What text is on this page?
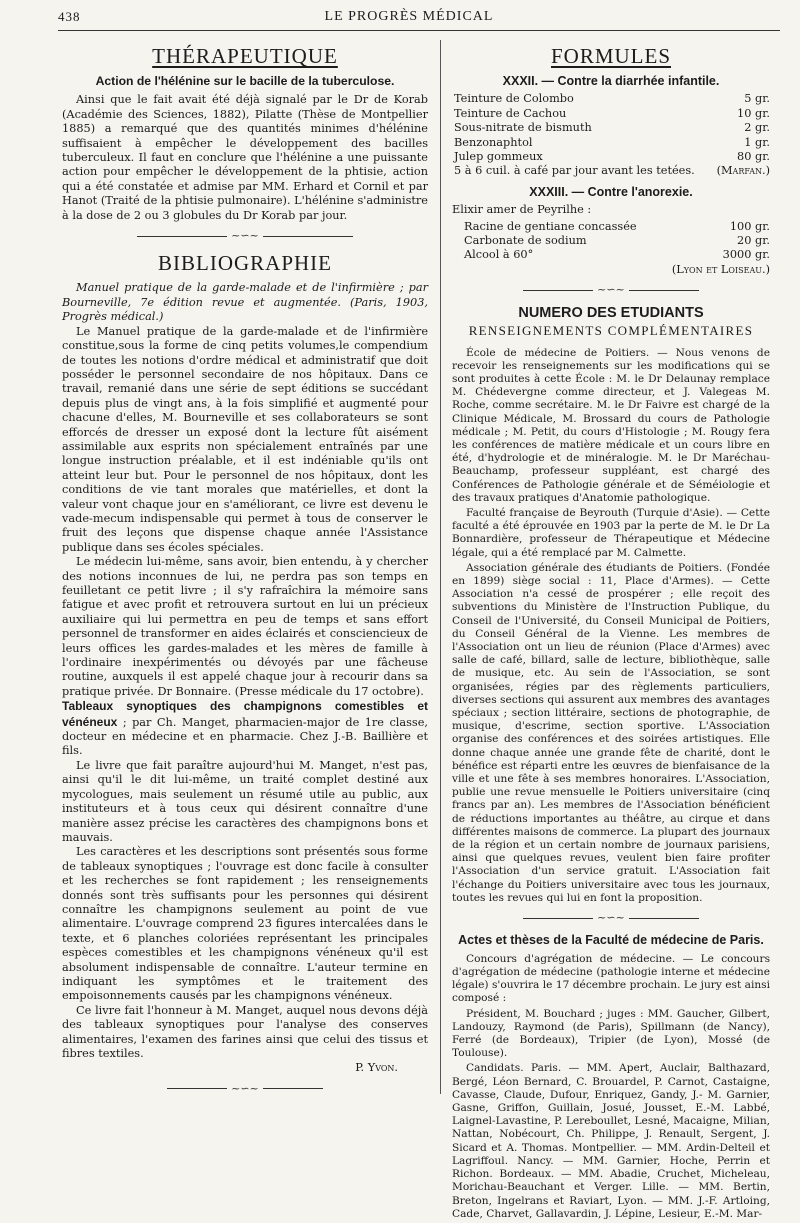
438	LE PROGRÈS MÉDICAL
THÉRAPEUTIQUE
Action de l'hélénine sur le bacille de la tuberculose.

Ainsi que le fait avait été déjà signalé par le Dr de Korab (Académie des Sciences, 1882), Pilatte (Thèse de Montpellier 1885) a remarqué que des quantités minimes d'hélénine suffisaient à empêcher le développement des bacilles tuberculeux. Il faut en conclure que l'hélénine a une puissante action pour empêcher le développement de la phtisie, action qui a été constatée et admise par MM. Erhard et Cornil et par Hanot (Traité de la phtisie pulmonaire). L'hélénine s'administre à la dose de 2 ou 3 globules du Dr Korab par jour.

~∽~
BIBLIOGRAPHIE

Manuel pratique de la garde-malade et de l'infirmière ; par Bourneville, 7e édition revue et augmentée. (Paris, 1903, Progrès médical.)

Le Manuel pratique de la garde-malade et de l'infirmière constitue,sous la forme de cinq petits volumes,le compendium de toutes les notions d'ordre médical et administratif que doit posséder le personnel secondaire de nos hôpitaux. Dans ce travail, remanié dans une série de sept éditions se succédant depuis plus de vingt ans, à la fois simplifié et augmenté pour chacune d'elles, M. Bourneville et ses collaborateurs se sont efforcés de dresser un exposé dont la lecture fût aisément assimilable aux esprits non spécialement entraînés par une longue instruction préalable, et il est indéniable qu'ils ont atteint leur but. Pour le personnel de nos hôpitaux, dont les conditions de vie tant morales que matérielles, et dont la valeur vont chaque jour en s'améliorant, ce livre est devenu le vade-mecum indispensable qui permet à tous de conserver le fruit des leçons que dispense chaque année l'Assistance publique dans ses écoles spéciales.

Le médecin lui-même, sans avoir, bien entendu, à y chercher des notions inconnues de lui, ne perdra pas son temps en feuilletant ce petit livre ; il s'y rafraîchira la mémoire sans fatigue et avec profit et retrouvera surtout en lui un précieux auxiliaire qui lui permettra en peu de temps et sans effort personnel de transformer en aides éclairés et consciencieux de leurs offices les gardes-malades et les mères de famille à l'ordinaire inexpérimentés ou dévoyés par une fâcheuse routine, auxquels il est appelé chaque jour à recourir dans sa pratique privée. Dr Bonnaire. (Presse médicale du 17 octobre).

Tableaux synoptiques des champignons comestibles et vénéneux ; par Ch. Manget, pharmacien-major de 1re classe, docteur en médecine et en pharmacie. Chez J.-B. Baillière et fils.

Le livre que fait paraître aujourd'hui M. Manget, n'est pas, ainsi qu'il le dit lui-même, un traité complet destiné aux mycologues, mais seulement un résumé utile au public, aux instituteurs et à tous ceux qui désirent connaître d'une manière assez précise les caractères des champignons bons et mauvais.

Les caractères et les descriptions sont présentés sous forme de tableaux synoptiques ; l'ouvrage est donc facile à consulter et les recherches se font rapidement ; les renseignements donnés sont très suffisants pour les personnes qui désirent connaître les champignons seulement au point de vue alimentaire. L'ouvrage comprend 23 figures intercalées dans le texte, et 6 planches coloriées représentant les principales espèces comestibles et les champignons vénéneux qu'il est absolument indispensable de connaître. L'auteur termine en indiquant les symptômes et le traitement des empoisonnements causés par les champignons vénéneux.

Ce livre fait l'honneur à M. Manget, auquel nous devons déjà des tableaux synoptiques pour l'analyse des conserves alimentaires, l'examen des farines ainsi que celui des tissus et fibres textiles.

P. Yvon.

~∽~
FORMULES
XXXII. — Contre la diarrhée infantile.
Teinture de Colombo	5 gr.
Teinture de Cachou	10 gr.
Sous-nitrate de bismuth	2 gr.
Benzonaphtol	1 gr.
Julep gommeux	80 gr.
5 à 6 cuil. à café par jour avant les tetées. (Marfan.)
XXXIII. — Contre l'anorexie.

Elixir amer de Peyrilhe :

Racine de gentiane concassée	100 gr.
Carbonate de sodium	20 gr.
Alcool à 60°	3000 gr.

(Lyon et Loiseau.)

~∽~
NUMERO DES ETUDIANTS
RENSEIGNEMENTS COMPLÉMENTAIRES

École de médecine de Poitiers. — Nous venons de recevoir les renseignements sur les modifications qui se sont produites à cette École : M. le Dr Delaunay remplace M. Chédevergne comme directeur, et J. Valegeas M. Roche, comme secrétaire. M. le Dr Faivre est chargé de la Clinique Médicale, M. Brossard du cours de Pathologie médicale ; M. Petit, du cours d'Histologie ; M. Rougy fera les conférences de matière médicale et un cours libre en été, d'hydrologie et de minéralogie. M. le Dr Maréchau-Beauchamp, professeur suppléant, est chargé des Conférences de Pathologie générale et de Séméiologie et des travaux pratiques d'Anatomie pathologique.

Faculté française de Beyrouth (Turquie d'Asie). — Cette faculté a été éprouvée en 1903 par la perte de M. le Dr La Bonnardière, professeur de Thérapeutique et Médecine légale, qui a été remplacé par M. Calmette.

Association générale des étudiants de Poitiers. (Fondée en 1899) siège social : 11, Place d'Armes). — Cette Association n'a cessé de prospérer ; elle reçoit des subventions du Ministère de l'Instruction Publique, du Conseil de l'Université, du Conseil Municipal de Poitiers, du Conseil Général de la Vienne. Les membres de l'Association ont un lieu de réunion (Place d'Armes) avec salle de café, billard, salle de lecture, bibliothèque, salle de musique, etc. Au sein de l'Association, se sont organisées, régies par des règlements particuliers, diverses sections qui assurent aux membres des avantages spéciaux ; section littéraire, sections de photographie, de musique, d'escrime, section sportive. L'Association organise des conférences et des soirées artistiques. Elle donne chaque année une grande fête de charité, dont le bénéfice est réparti entre les œuvres de bienfaisance de la ville et une fête à ses membres honoraires. L'Association, publie une revue mensuelle le Poitiers universitaire (cinq francs par an). Les membres de l'Association bénéficient de réductions importantes au théâtre, au cirque et dans différentes maisons de commerce. La plupart des journaux de la région et un certain nombre de journaux parisiens, ainsi que quelques revues, veulent bien faire profiter l'Association d'un service gratuit. L'Association fait l'échange du Poitiers universitaire avec tous les journaux, toutes les revues qui lui en font la proposition.

~∽~
Actes et thèses de la Faculté de médecine de Paris.

Concours d'agrégation de médecine. — Le concours d'agrégation de médecine (pathologie interne et médecine légale) s'ouvrira le 17 décembre prochain. Le jury est ainsi composé :

Président, M. Bouchard ; juges : MM. Gaucher, Gilbert, Landouzy, Raymond (de Paris), Spillmann (de Nancy), Ferré (de Bordeaux), Tripier (de Lyon), Mossé (de Toulouse).

Candidats. Paris. — MM. Apert, Auclair, Balthazard, Bergé, Léon Bernard, C. Brouardel, P. Carnot, Castaigne, Cavasse, Claude, Dufour, Enriquez, Gandy, J.- M. Garnier, Gasne, Griffon, Guillain, Josué, Jousset, E.-M. Labbé, Laignel-Lavastine, P. Lereboullet, Lesné, Macaigne, Milian, Nattan, Nobécourt, Ch. Philippe, J. Renault, Sergent, J. Sicard et A. Thomas. Montpellier. — MM. Ardin-Delteil et Lagriffoul. Nancy. — MM. Garnier, Hoche, Perrin et Richon. Bordeaux. — MM. Abadie, Cruchet, Micheleau, Morichau-Beauchant et Verger. Lille. — MM. Bertin, Breton, Ingelrans et Raviart, Lyon. — MM. J.-F. Artloing, Cade, Charvet, Gallavardin, J. Lépine, Lesieur, E.-M. Mar-
